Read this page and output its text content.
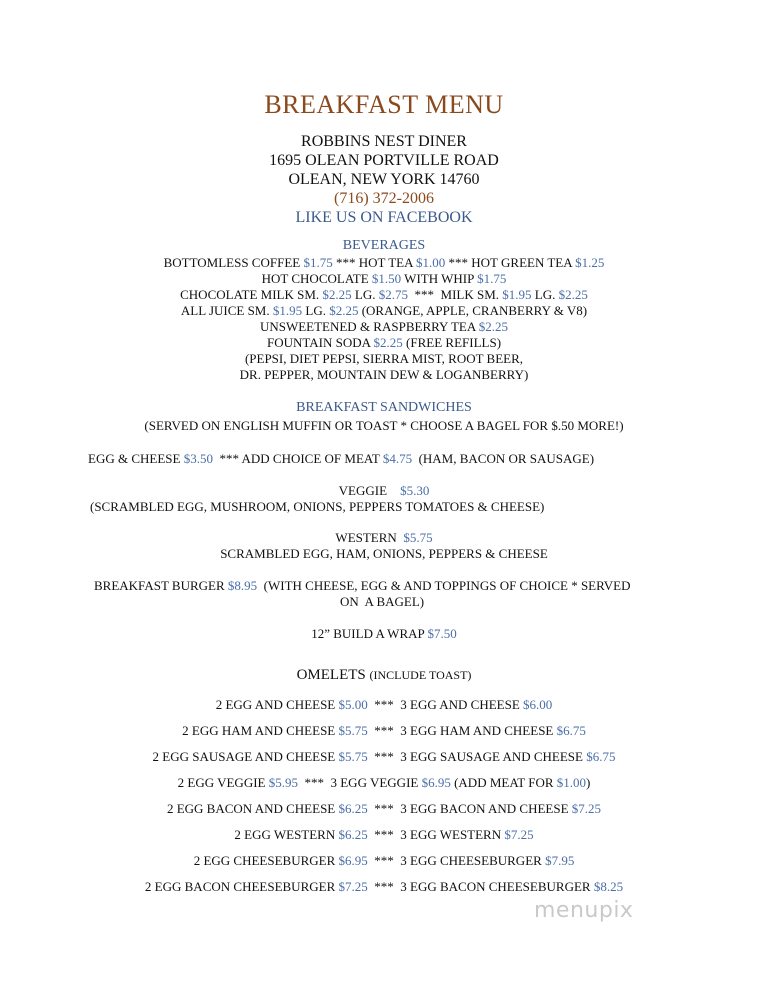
BREAKFAST MENU
ROBBINS NEST DINER
1695 OLEAN PORTVILLE ROAD
OLEAN, NEW YORK 14760
(716) 372-2006
LIKE US ON FACEBOOK
BEVERAGES
BOTTOMLESS COFFEE $1.75 *** HOT TEA $1.00 *** HOT GREEN TEA $1.25
HOT CHOCOLATE $1.50 WITH WHIP $1.75
CHOCOLATE MILK SM. $2.25 LG. $2.75  ***  MILK SM. $1.95 LG. $2.25
ALL JUICE SM. $1.95 LG. $2.25 (ORANGE, APPLE, CRANBERRY & V8)
UNSWEETENED & RASPBERRY TEA $2.25
FOUNTAIN SODA $2.25 (FREE REFILLS)
(PEPSI, DIET PEPSI, SIERRA MIST, ROOT BEER,
DR. PEPPER, MOUNTAIN DEW & LOGANBERRY)
BREAKFAST SANDWICHES
(SERVED ON ENGLISH MUFFIN OR TOAST * CHOOSE A BAGEL FOR $.50 MORE!)
EGG & CHEESE $3.50  *** ADD CHOICE OF MEAT $4.75  (HAM, BACON OR SAUSAGE)
VEGGIE    $5.30
(SCRAMBLED EGG, MUSHROOM, ONIONS, PEPPERS TOMATOES & CHEESE)
WESTERN  $5.75
SCRAMBLED EGG, HAM, ONIONS, PEPPERS & CHEESE
BREAKFAST BURGER $8.95  (WITH CHEESE, EGG & AND TOPPINGS OF CHOICE * SERVED
ON  A BAGEL)
12” BUILD A WRAP $7.50
OMELETS (INCLUDE TOAST)
2 EGG AND CHEESE $5.00  ***  3 EGG AND CHEESE $6.00
2 EGG HAM AND CHEESE $5.75  ***  3 EGG HAM AND CHEESE $6.75
2 EGG SAUSAGE AND CHEESE $5.75  ***  3 EGG SAUSAGE AND CHEESE $6.75
2 EGG VEGGIE $5.95  ***  3 EGG VEGGIE $6.95 (ADD MEAT FOR $1.00)
2 EGG BACON AND CHEESE $6.25  ***  3 EGG BACON AND CHEESE $7.25
2 EGG WESTERN $6.25  ***  3 EGG WESTERN $7.25
2 EGG CHEESEBURGER $6.95  ***  3 EGG CHEESEBURGER $7.95
2 EGG BACON CHEESEBURGER $7.25  ***  3 EGG BACON CHEESEBURGER $8.25
menupix
